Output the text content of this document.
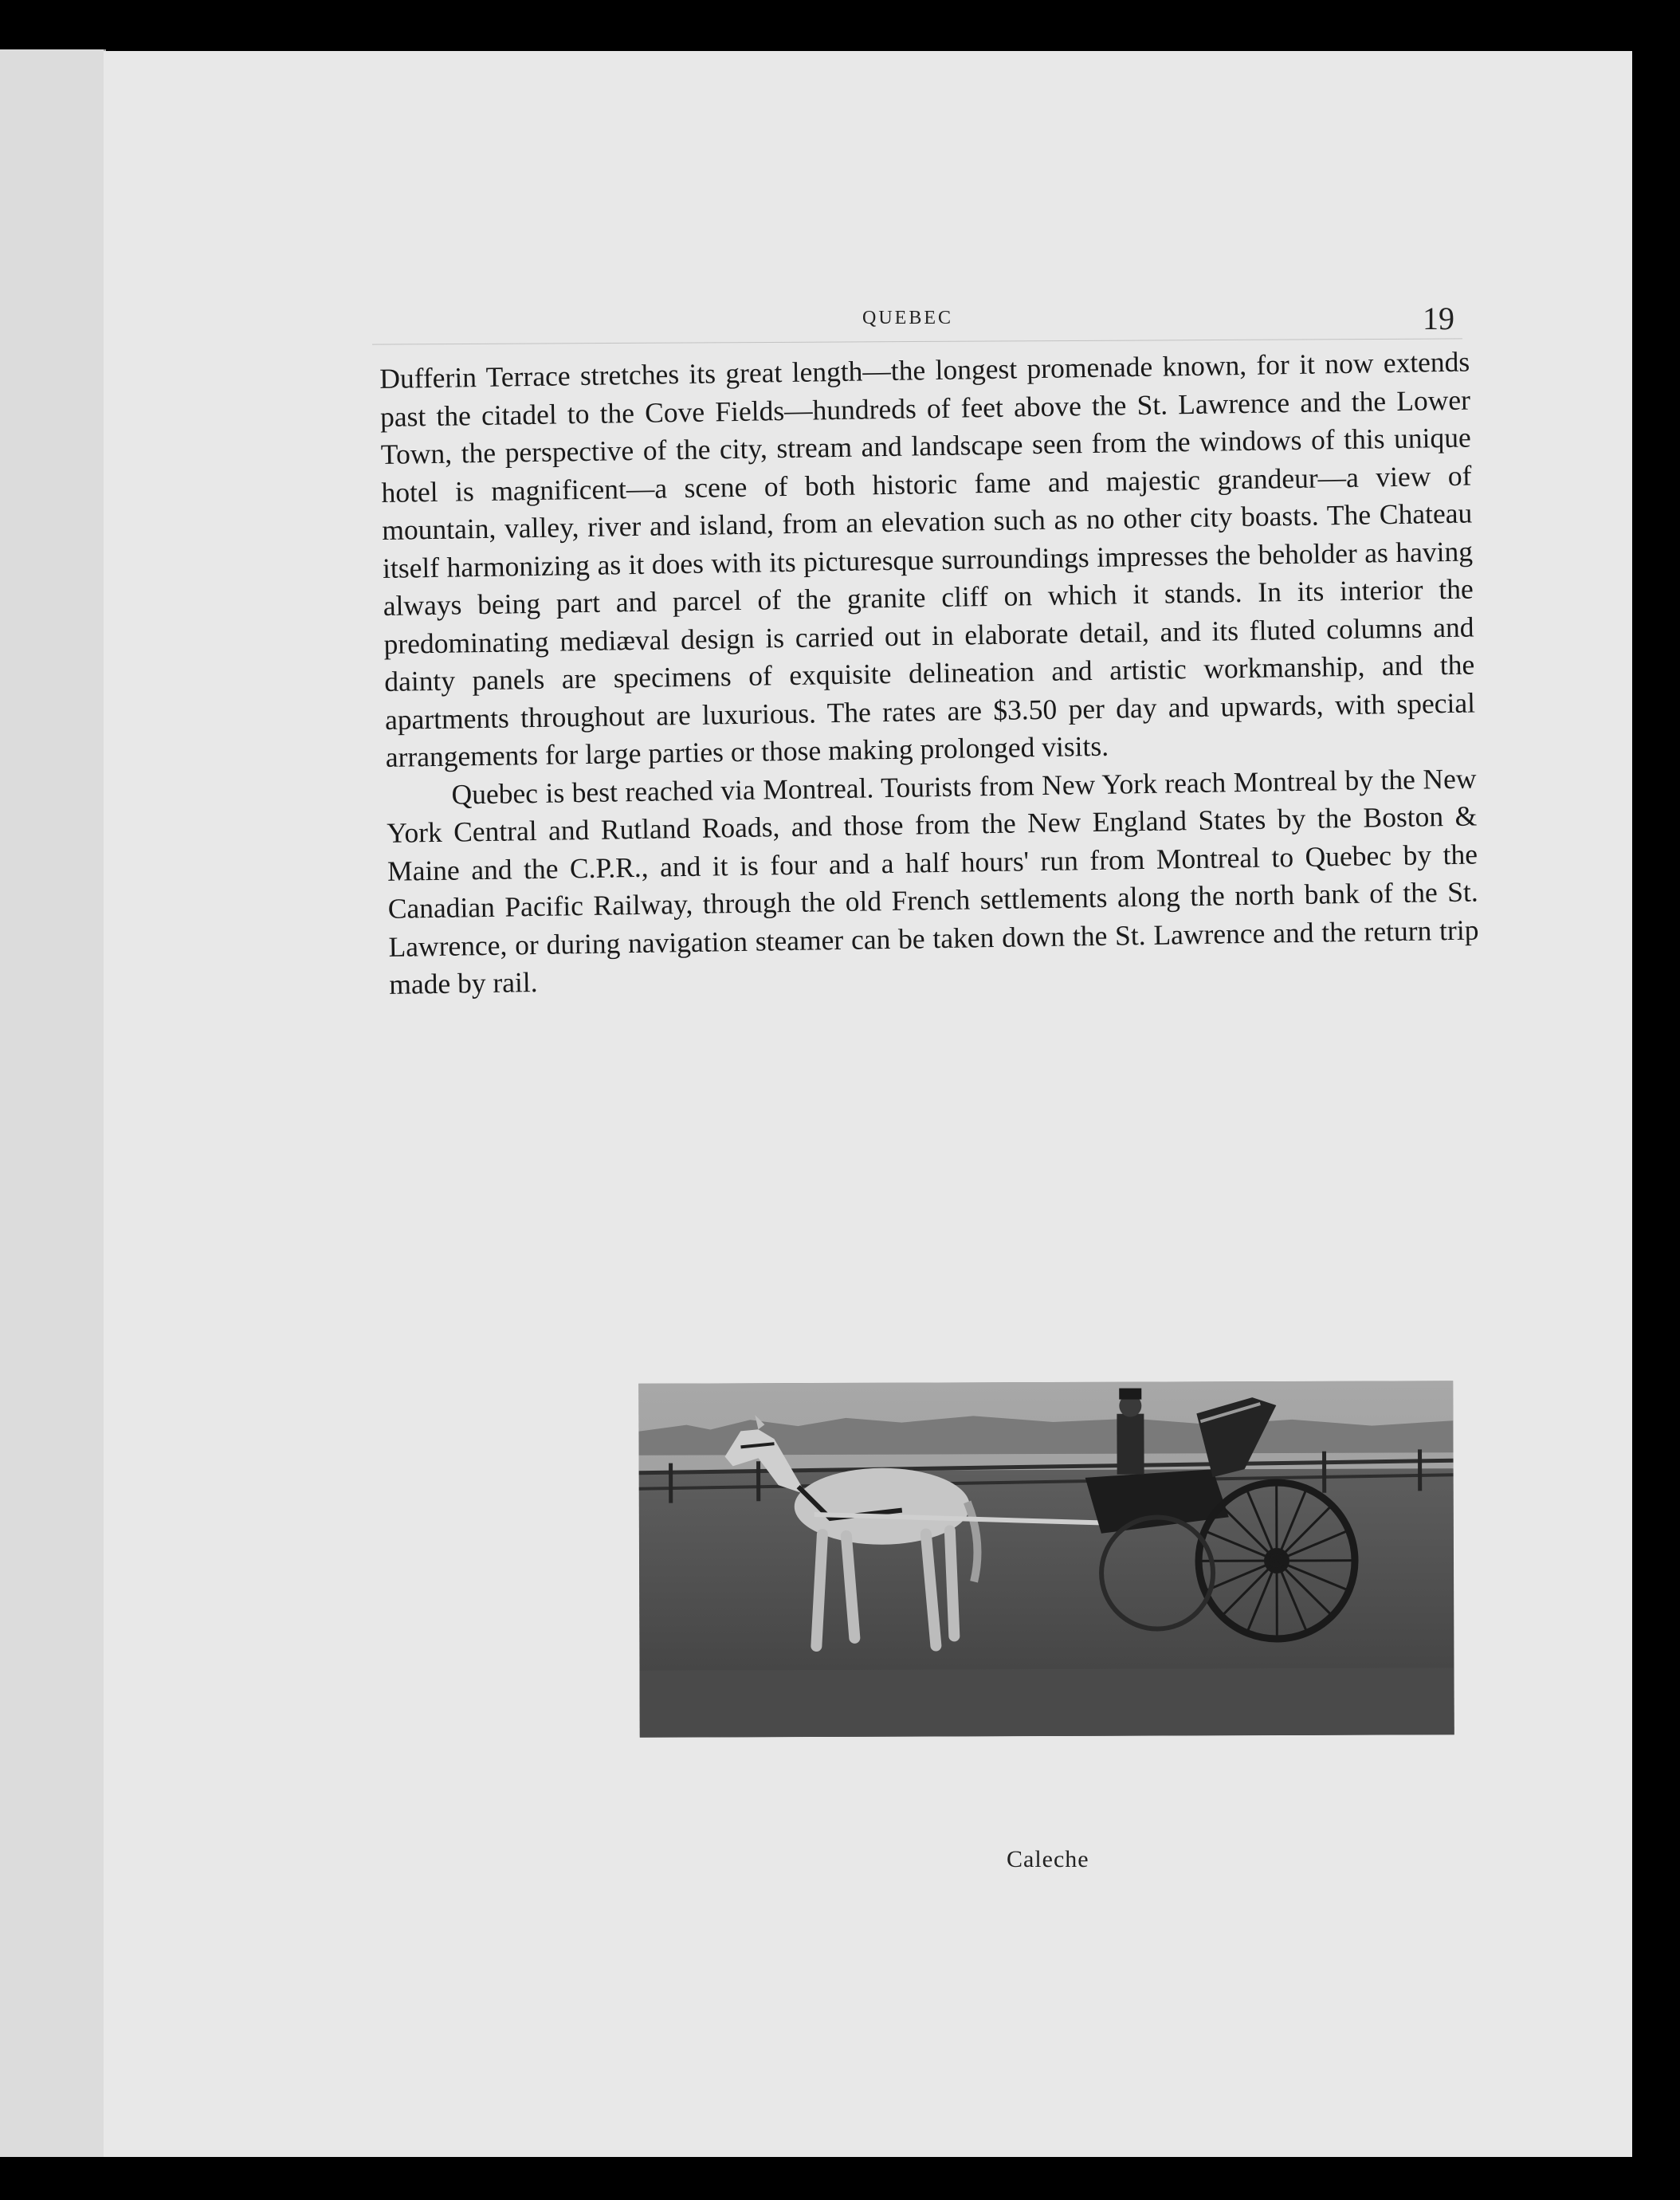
QUEBEC	19

Dufferin Terrace stretches its great length—the longest promenade known, for it now extends past the citadel to the Cove Fields—hundreds of feet above the St. Lawrence and the Lower Town, the perspective of the city, stream and landscape seen from the windows of this unique hotel is magnificent—a scene of both historic fame and majestic grandeur—a view of mountain, valley, river and island, from an elevation such as no other city boasts. The Chateau itself harmonizing as it does with its picturesque surroundings impresses the beholder as having always being part and parcel of the granite cliff on which it stands. In its interior the predominating mediæval design is carried out in elaborate detail, and its fluted columns and dainty panels are specimens of exquisite delineation and artistic workmanship, and the apartments throughout are luxurious. The rates are $3.50 per day and upwards, with special arrangements for large parties or those making prolonged visits.

Quebec is best reached via Montreal. Tourists from New York reach Montreal by the New York Central and Rutland Roads, and those from the New England States by the Boston & Maine and the C.P.R., and it is four and a half hours' run from Montreal to Quebec by the Canadian Pacific Railway, through the old French settlements along the north bank of the St. Lawrence, or during navigation steamer can be taken down the St. Lawrence and the return trip made by rail.

Caleche
